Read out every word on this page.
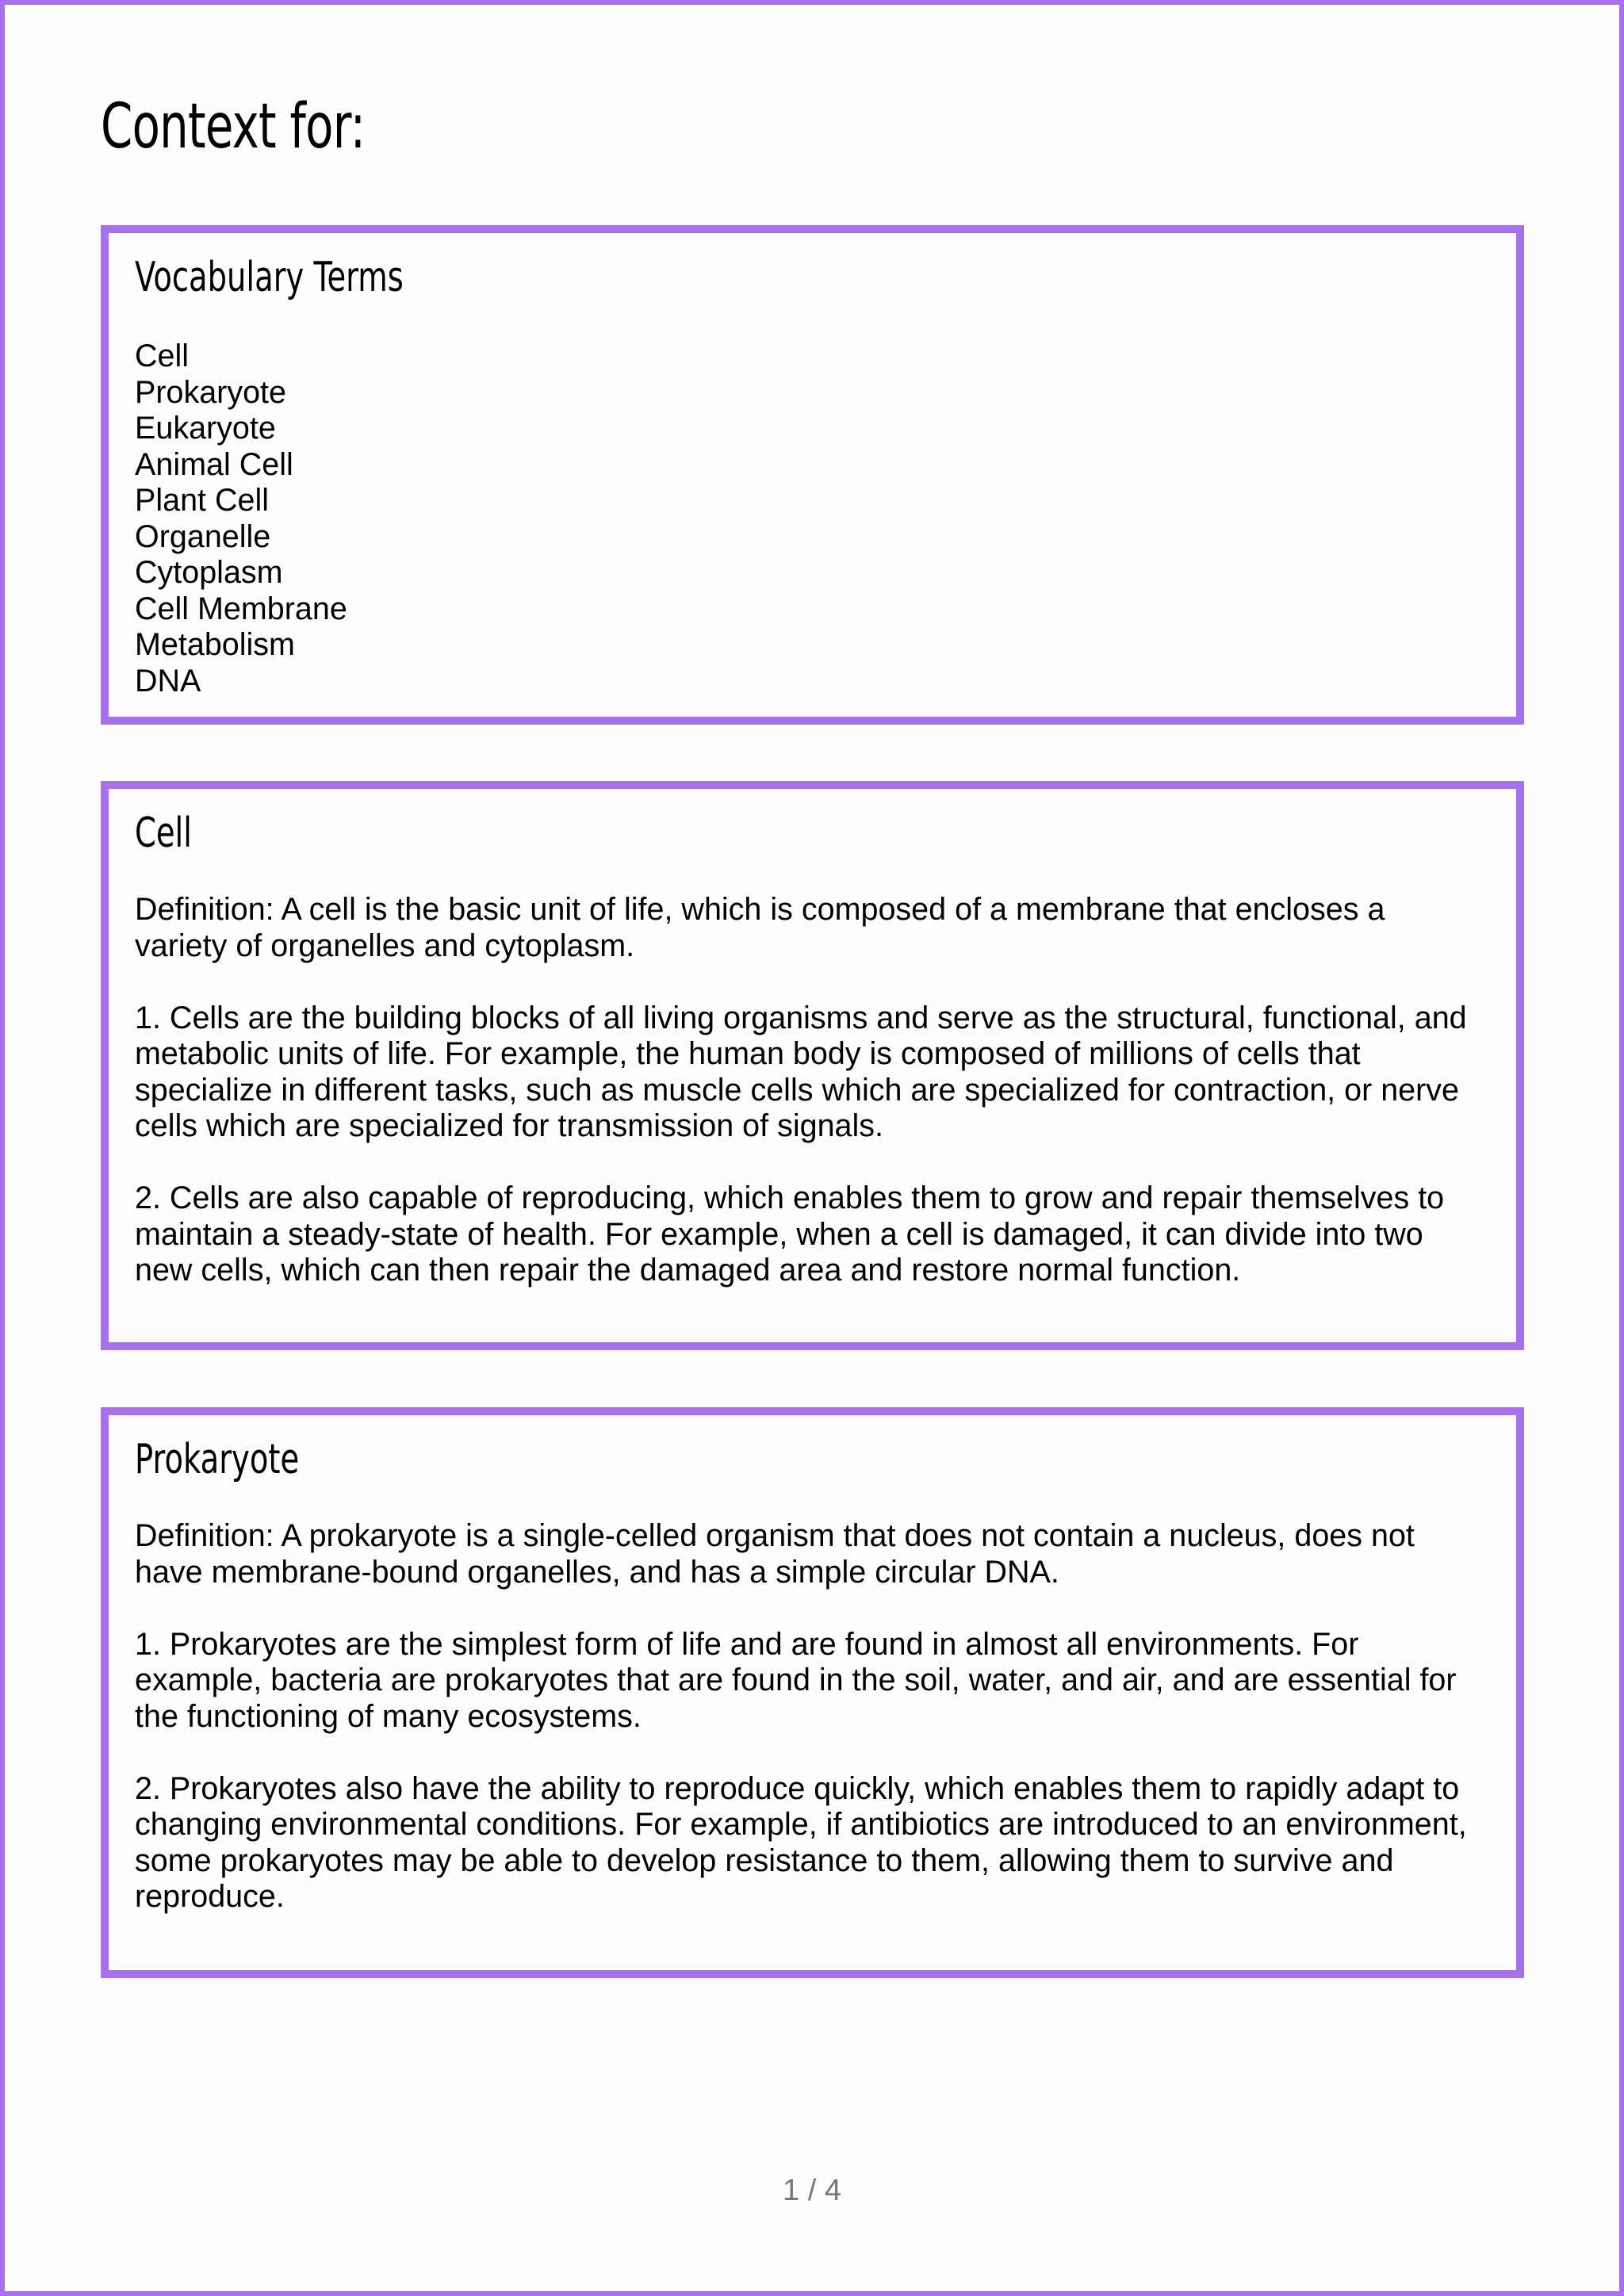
Context for:
Vocabulary Terms
Cell
Prokaryote
Eukaryote
Animal Cell
Plant Cell
Organelle
Cytoplasm
Cell Membrane
Metabolism
DNA
Cell

Definition: A cell is the basic unit of life, which is composed of a membrane that encloses a variety of organelles and cytoplasm.

1. Cells are the building blocks of all living organisms and serve as the structural, functional, and metabolic units of life. For example, the human body is composed of millions of cells that specialize in different tasks, such as muscle cells which are specialized for contraction, or nerve cells which are specialized for transmission of signals.

2. Cells are also capable of reproducing, which enables them to grow and repair themselves to maintain a steady-state of health. For example, when a cell is damaged, it can divide into two new cells, which can then repair the damaged area and restore normal function.

Prokaryote

Definition: A prokaryote is a single-celled organism that does not contain a nucleus, does not have membrane-bound organelles, and has a simple circular DNA.

1. Prokaryotes are the simplest form of life and are found in almost all environments. For example, bacteria are prokaryotes that are found in the soil, water, and air, and are essential for the functioning of many ecosystems.

2. Prokaryotes also have the ability to reproduce quickly, which enables them to rapidly adapt to changing environmental conditions. For example, if antibiotics are introduced to an environment, some prokaryotes may be able to develop resistance to them, allowing them to survive and reproduce.

1 / 4
